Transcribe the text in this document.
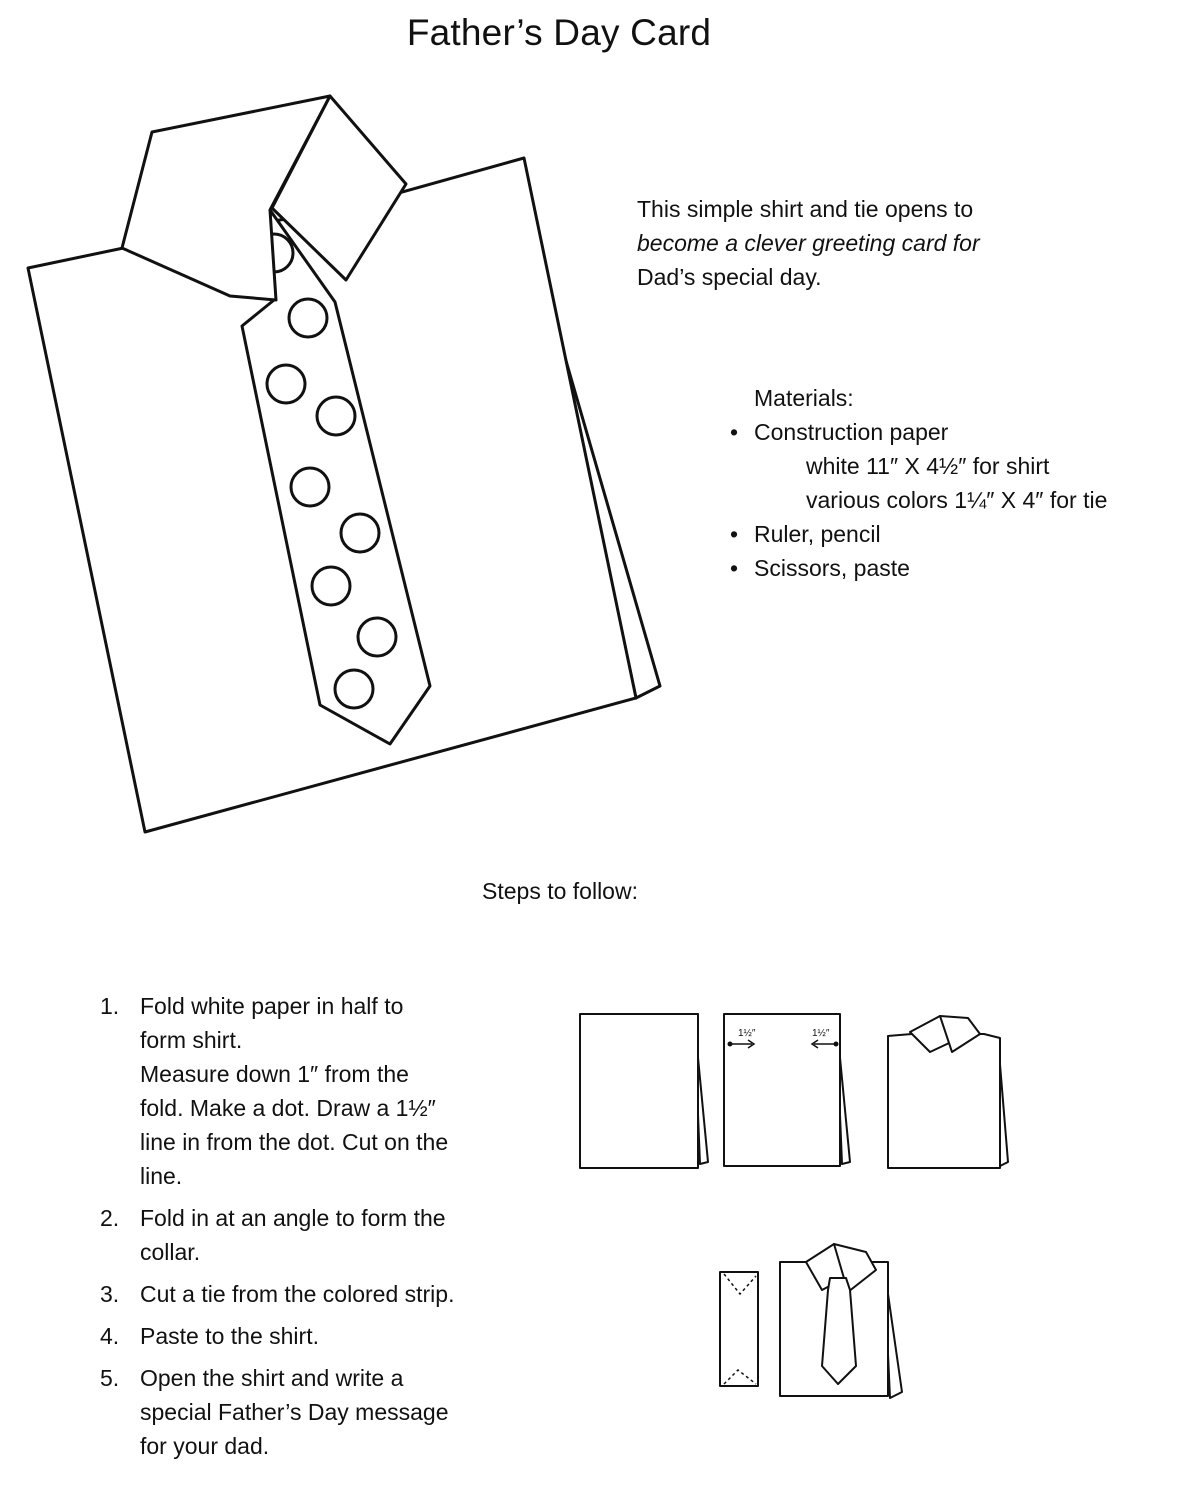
Father’s Day Card
1½″	1½″
This simple shirt and tie opens to
become a clever greeting card for
Dad’s special day.
Materials:
• Construction paper
white 11″ X 4½″ for shirt
various colors 1¼″ X 4″ for tie
• Ruler, pencil
• Scissors, paste
Steps to follow:
1. Fold white paper in half to
form shirt.
Measure down 1″ from the
fold. Make a dot. Draw a 1½″
line in from the dot. Cut on the
line.
2. Fold in at an angle to form the
collar.
3. Cut a tie from the colored strip.
4. Paste to the shirt.
5. Open the shirt and write a
special Father’s Day message
for your dad.
